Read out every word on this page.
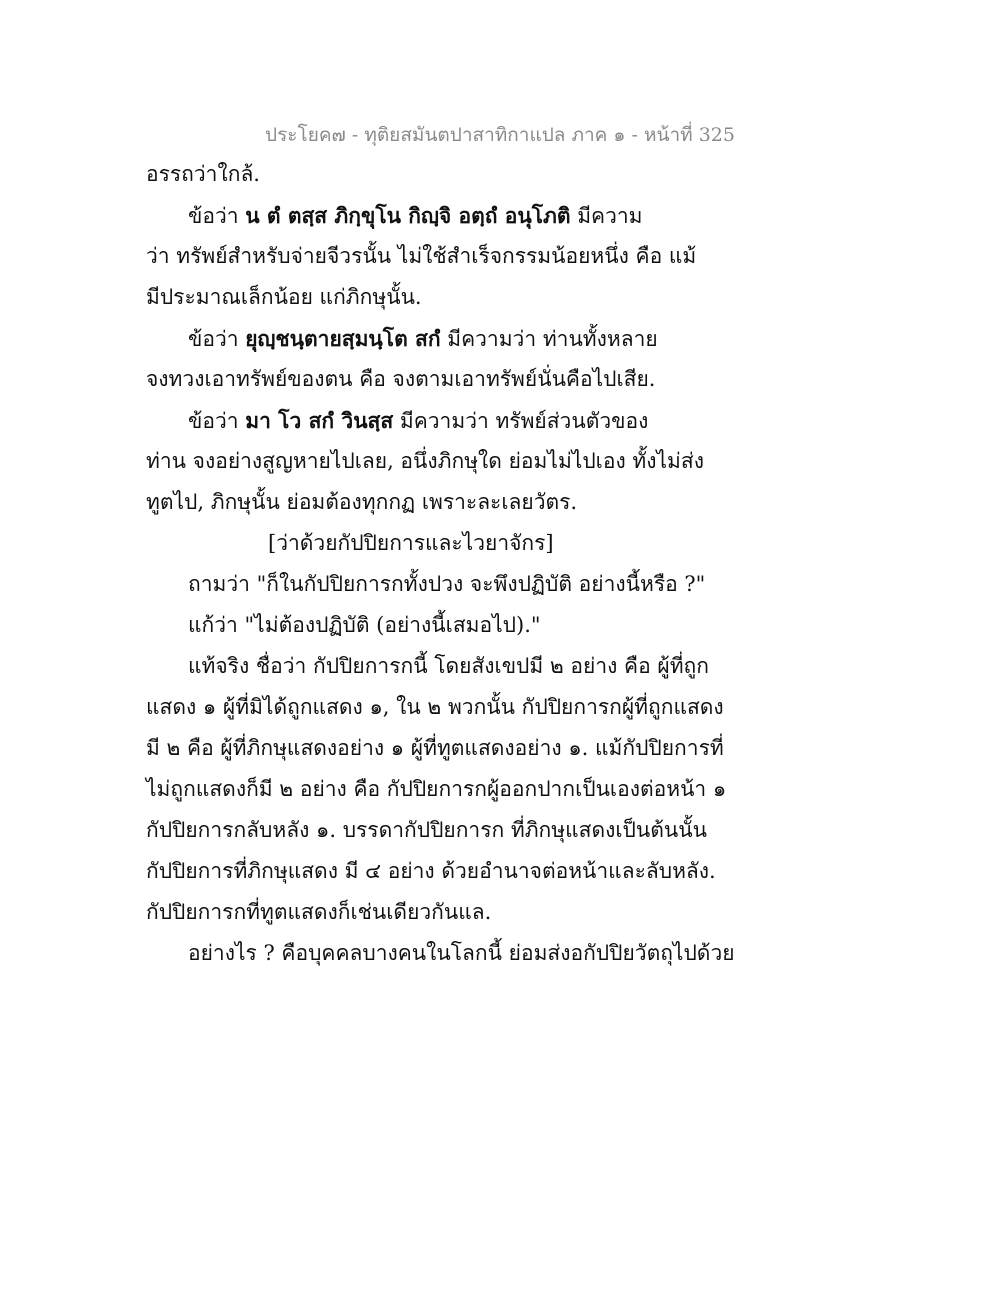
ประโยค๗ - ทุติยสมันตปาสาทิกาแปล ภาค ๑ - หน้าที่ 325
อรรถว่าใกล้.
ข้อว่า น ตํ ตสฺส ภิกฺขุโน กิญฺจิ อตฺถํ อนุโภติ มีความ
ว่า ทรัพย์สำหรับจ่ายจีวรนั้น ไม่ใช้สำเร็จกรรมน้อยหนึ่ง คือ แม้
มีประมาณเล็กน้อย แก่ภิกษุนั้น.
ข้อว่า ยุญฺชนฺตายสฺมนฺโต สกํ มีความว่า ท่านทั้งหลาย
จงทวงเอาทรัพย์ของตน คือ จงตามเอาทรัพย์นั่นคือไปเสีย.
ข้อว่า มา โว สกํ วินสฺส มีความว่า ทรัพย์ส่วนตัวของ
ท่าน จงอย่างสูญหายไปเลย, อนึ่งภิกษุใด ย่อมไม่ไปเอง ทั้งไม่ส่ง
ทูตไป, ภิกษุนั้น ย่อมต้องทุกกฏ เพราะละเลยวัตร.
[ว่าด้วยกัปปิยการและไวยาจักร]
ถามว่า "ก็ในกัปปิยการกทั้งปวง จะพึงปฏิบัติ อย่างนี้หรือ ?"
แก้ว่า "ไม่ต้องปฏิบัติ (อย่างนี้เสมอไป)."
แท้จริง ชื่อว่า กัปปิยการกนี้ โดยสังเขปมี ๒ อย่าง คือ ผู้ที่ถูก
แสดง ๑ ผู้ที่มิได้ถูกแสดง ๑, ใน ๒ พวกนั้น กัปปิยการกผู้ที่ถูกแสดง
มี ๒ คือ ผู้ที่ภิกษุแสดงอย่าง ๑ ผู้ที่ทูตแสดงอย่าง ๑. แม้กัปปิยการที่
ไม่ถูกแสดงก็มี ๒ อย่าง คือ กัปปิยการกผู้ออกปากเป็นเองต่อหน้า ๑
กัปปิยการกลับหลัง ๑. บรรดากัปปิยการก ที่ภิกษุแสดงเป็นต้นนั้น
กัปปิยการที่ภิกษุแสดง มี ๔ อย่าง ด้วยอำนาจต่อหน้าและลับหลัง.
กัปปิยการกที่ทูตแสดงก็เช่นเดียวกันแล.
อย่างไร ? คือบุคคลบางคนในโลกนี้ ย่อมส่งอกัปปิยวัตถุไปด้วย
